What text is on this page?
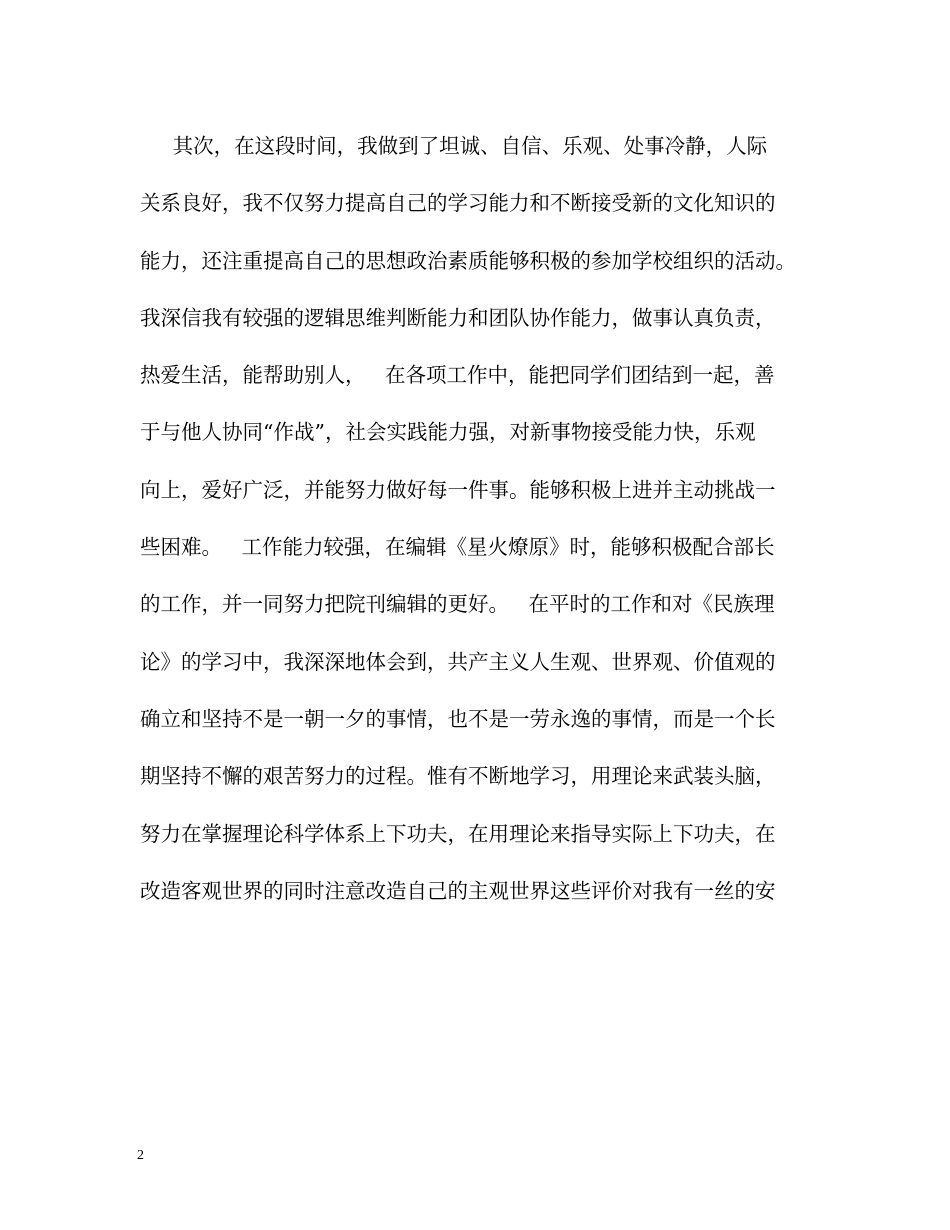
其次，在这段时间，我做到了坦诚、自信、乐观、处事冷静，人际
关系良好，我不仅努力提高自己的学习能力和不断接受新的文化知识的
能力，还注重提高自己的思想政治素质能够积极的参加学校组织的活动。
我深信我有较强的逻辑思维判断能力和团队协作能力，做事认真负责，
热爱生活，能帮助别人，   在各项工作中，能把同学们团结到一起，善
于与他人协同“作战”，社会实践能力强，对新事物接受能力快，乐观
向上，爱好广泛，并能努力做好每一件事。能够积极上进并主动挑战一
些困难。   工作能力较强，在编辑《星火燎原》时，能够积极配合部长
的工作，并一同努力把院刊编辑的更好。   在平时的工作和对《民族理
论》的学习中，我深深地体会到，共产主义人生观、世界观、价值观的
确立和坚持不是一朝一夕的事情，也不是一劳永逸的事情，而是一个长
期坚持不懈的艰苦努力的过程。惟有不断地学习，用理论来武装头脑，
努力在掌握理论科学体系上下功夫，在用理论来指导实际上下功夫，在
改造客观世界的同时注意改造自己的主观世界这些评价对我有一丝的安
2
